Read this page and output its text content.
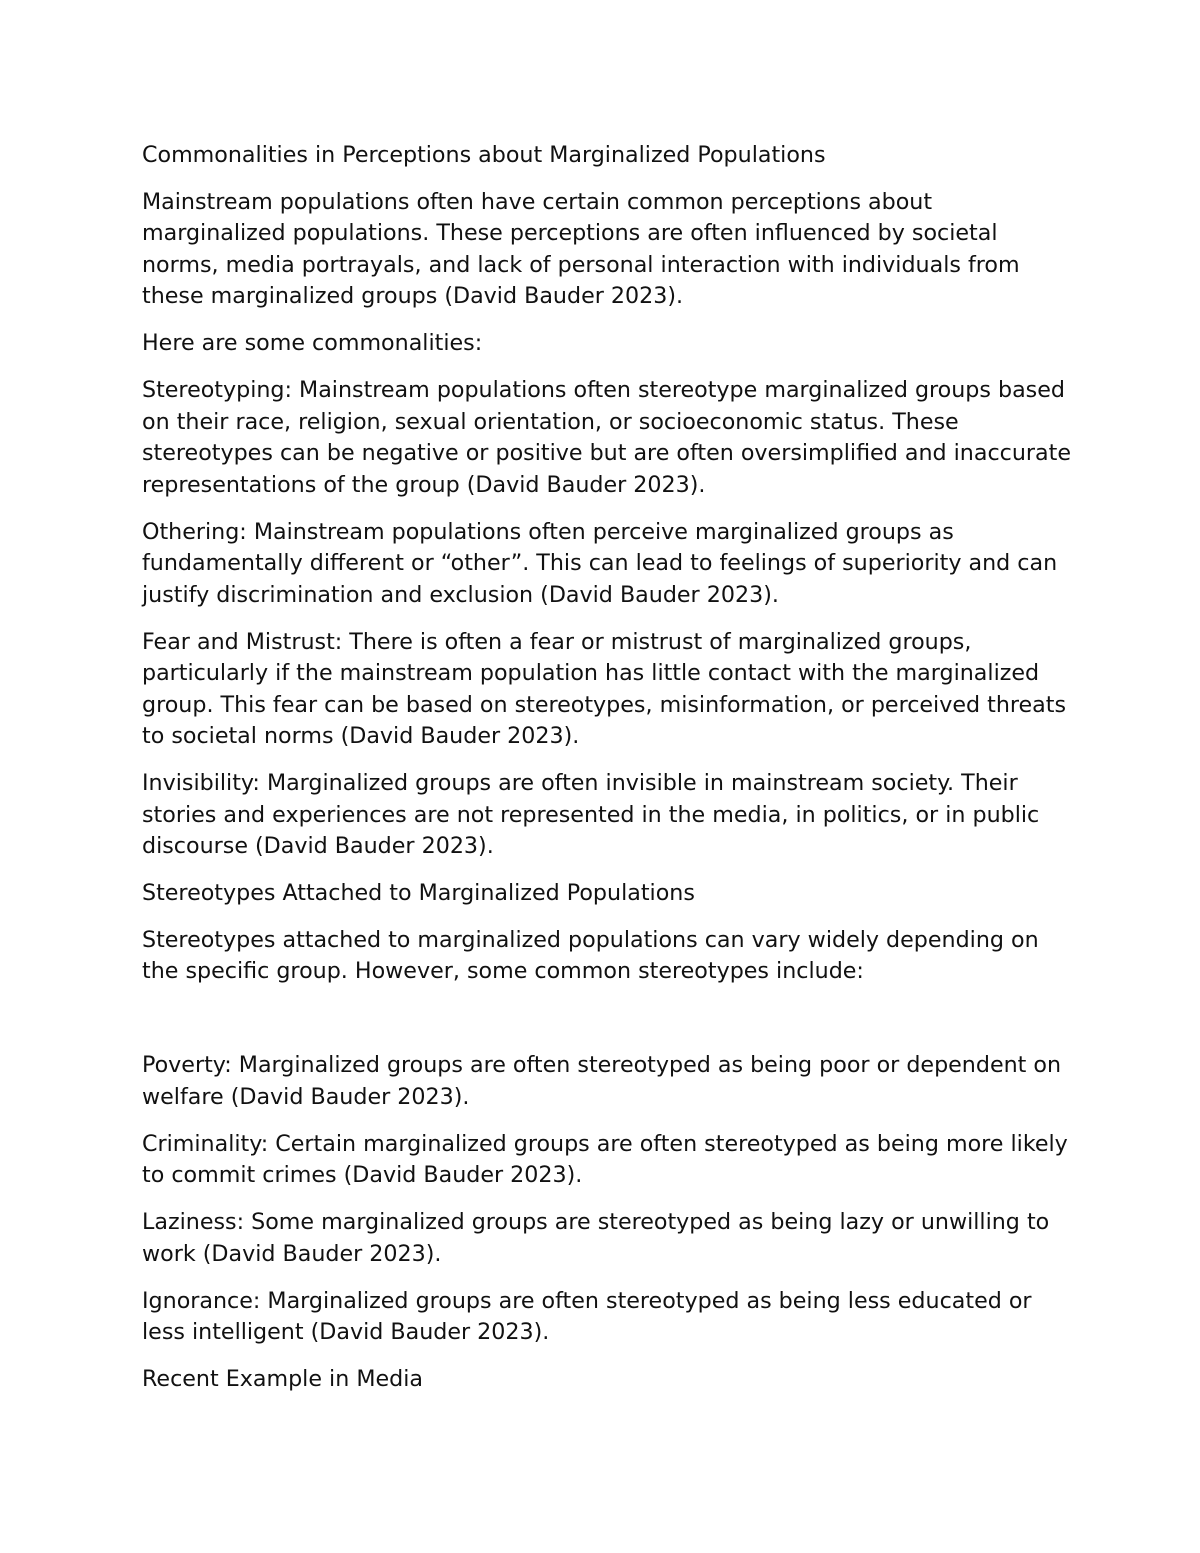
Commonalities in Perceptions about Marginalized Populations

Mainstream populations often have certain common perceptions about marginalized populations. These perceptions are often influenced by societal norms, media portrayals, and lack of personal interaction with individuals from these marginalized groups (David Bauder 2023).

Here are some commonalities:

Stereotyping: Mainstream populations often stereotype marginalized groups based on their race, religion, sexual orientation, or socioeconomic status. These stereotypes can be negative or positive but are often oversimplified and inaccurate representations of the group (David Bauder 2023).

Othering: Mainstream populations often perceive marginalized groups as fundamentally different or “other”. This can lead to feelings of superiority and can justify discrimination and exclusion (David Bauder 2023).

Fear and Mistrust: There is often a fear or mistrust of marginalized groups, particularly if the mainstream population has little contact with the marginalized group. This fear can be based on stereotypes, misinformation, or perceived threats to societal norms (David Bauder 2023).

Invisibility: Marginalized groups are often invisible in mainstream society. Their stories and experiences are not represented in the media, in politics, or in public discourse (David Bauder 2023).

Stereotypes Attached to Marginalized Populations

Stereotypes attached to marginalized populations can vary widely depending on the specific group. However, some common stereotypes include:

Poverty: Marginalized groups are often stereotyped as being poor or dependent on welfare (David Bauder 2023).

Criminality: Certain marginalized groups are often stereotyped as being more likely to commit crimes (David Bauder 2023).

Laziness: Some marginalized groups are stereotyped as being lazy or unwilling to work (David Bauder 2023).

Ignorance: Marginalized groups are often stereotyped as being less educated or less intelligent (David Bauder 2023).

Recent Example in Media
